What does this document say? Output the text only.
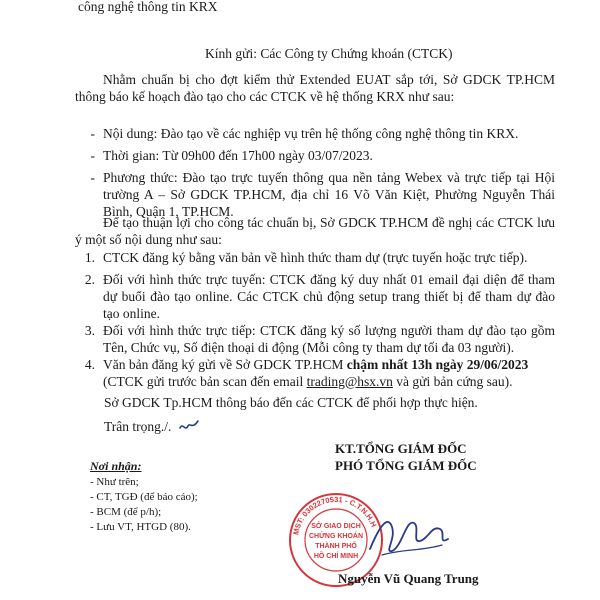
công nghệ thông tin KRX
Kính gửi: Các Công ty Chứng khoán (CTCK)
Nhằm chuẩn bị cho đợt kiểm thử Extended EUAT sắp tới, Sở GDCK TP.HCM thông báo kế hoạch đào tạo cho các CTCK về hệ thống KRX như sau:
- Nội dung: Đào tạo về các nghiệp vụ trên hệ thống công nghệ thông tin KRX.
- Thời gian: Từ 09h00 đến 17h00 ngày 03/07/2023.
- Phương thức: Đào tạo trực tuyến thông qua nền tảng Webex và trực tiếp tại Hội trường A – Sở GDCK TP.HCM, địa chỉ 16 Võ Văn Kiệt, Phường Nguyễn Thái Bình, Quận 1, TP.HCM.
Để tạo thuận lợi cho công tác chuẩn bị, Sở GDCK TP.HCM đề nghị các CTCK lưu ý một số nội dung như sau:
1. CTCK đăng ký bằng văn bản về hình thức tham dự (trực tuyến hoặc trực tiếp).
2. Đối với hình thức trực tuyến: CTCK đăng ký duy nhất 01 email đại diện để tham dự buổi đào tạo online. Các CTCK chủ động setup trang thiết bị để tham dự đào tạo online.
3. Đối với hình thức trực tiếp: CTCK đăng ký số lượng người tham dự đào tạo gồm Tên, Chức vụ, Số điện thoại di động (Mỗi công ty tham dự tối đa 03 người).
4. Văn bản đăng ký gửi về Sở GDCK TP.HCM chậm nhất 13h ngày 29/06/2023
(CTCK gửi trước bản scan đến email trading@hsx.vn và gửi bản cứng sau).
Sở GDCK Tp.HCM thông báo đến các CTCK để phối hợp thực hiện.
Trân trọng./.
Nơi nhận:
- Như trên;
- CT, TGĐ (để báo cáo);
- BCM (để p/h);
- Lưu VT, HTGD (80).
KT.TỔNG GIÁM ĐỐC
PHÓ TỔNG GIÁM ĐỐC
MST: 0302270531 - C.T.N.H.H
SỞ GIAO DỊCH
CHỨNG KHOÁN
THÀNH PHỐ
HỒ CHÍ MINH
Nguyễn Vũ Quang Trung
